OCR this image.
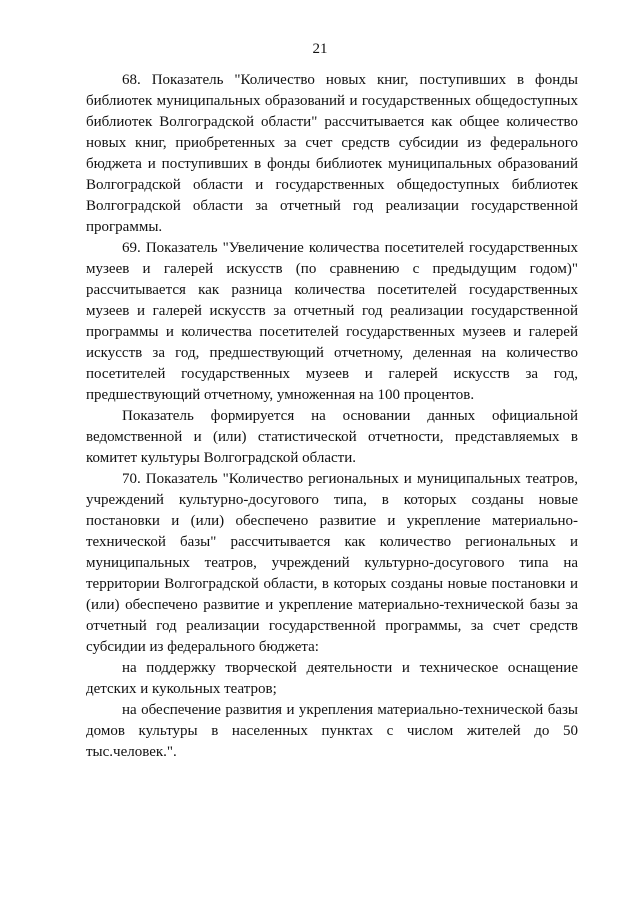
21

68. Показатель "Количество новых книг, поступивших в фонды библиотек муниципальных образований и государственных общедоступных библиотек Волгоградской области" рассчитывается как общее количество новых книг, приобретенных за счет средств субсидии из федерального бюджета и поступивших в фонды библиотек муниципальных образований Волгоградской области и государственных общедоступных библиотек Волгоградской области за отчетный год реализации государственной программы.

69. Показатель "Увеличение количества посетителей государственных музеев и галерей искусств (по сравнению с предыдущим годом)" рассчитывается как разница количества посетителей государственных музеев и галерей искусств за отчетный год реализации государственной программы и количества посетителей государственных музеев и галерей искусств за год, предшествующий отчетному, деленная на количество посетителей государственных музеев и галерей искусств за год, предшествующий отчетному, умноженная на 100 процентов.

Показатель формируется на основании данных официальной ведомственной и (или) статистической отчетности, представляемых в комитет культуры Волгоградской области.

70. Показатель "Количество региональных и муниципальных театров, учреждений культурно-досугового типа, в которых созданы новые постановки и (или) обеспечено развитие и укрепление материально-технической базы" рассчитывается как количество региональных и муниципальных театров, учреждений культурно-досугового типа на территории Волгоградской области, в которых созданы новые постановки и (или) обеспечено развитие и укрепление материально-технической базы за отчетный год реализации государственной программы, за счет средств субсидии из федерального бюджета:

на поддержку творческой деятельности и техническое оснащение детских и кукольных театров;

на обеспечение развития и укрепления материально-технической базы домов культуры в населенных пунктах с числом жителей до 50 тыс.человек.".
